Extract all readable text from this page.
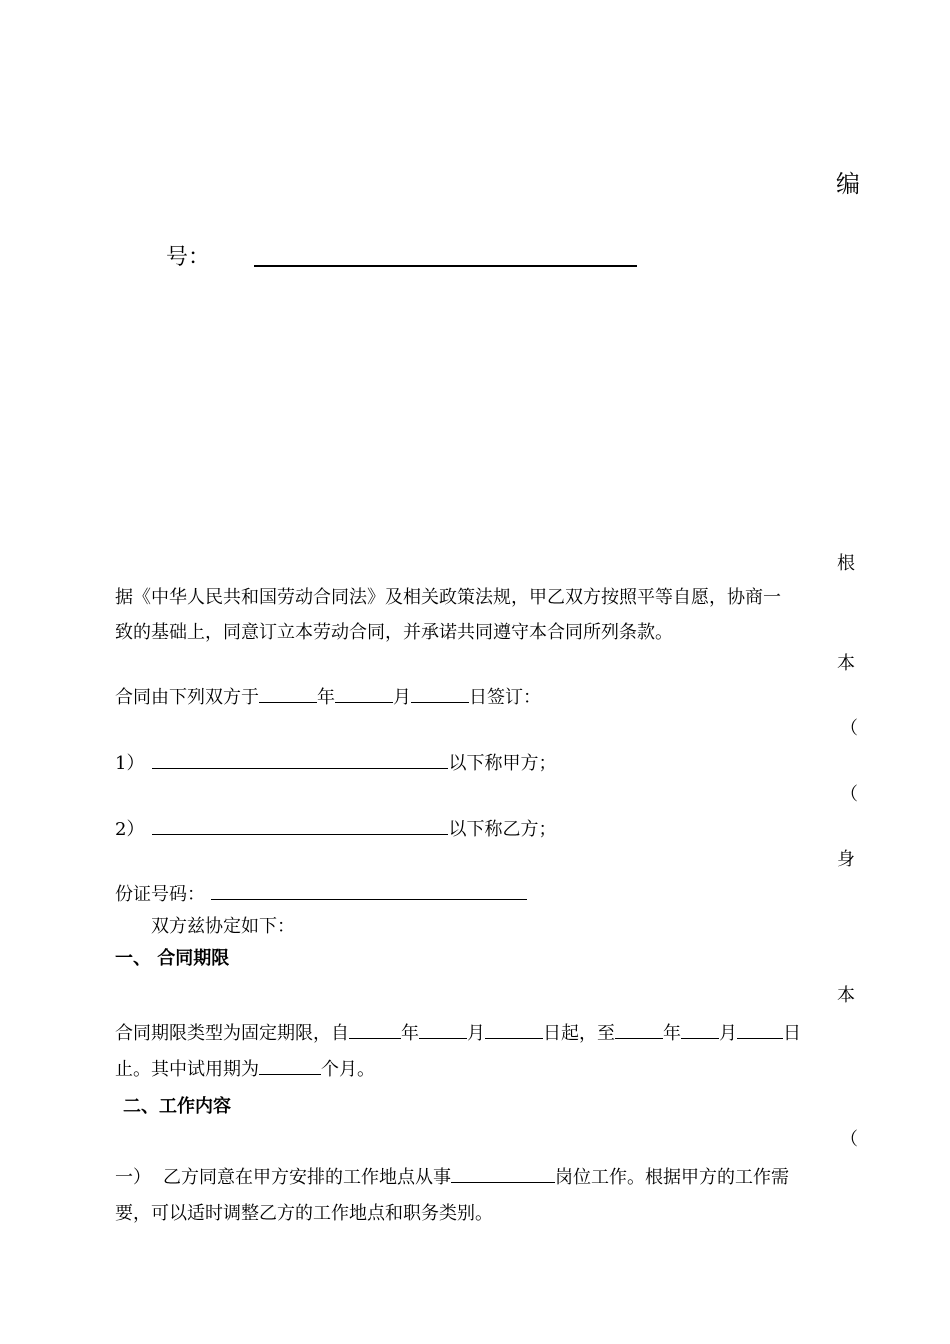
编
号：
根
据《中华人民共和国劳动合同法》及相关政策法规，甲乙双方按照平等自愿，协商一
致的基础上，同意订立本劳动合同，并承诺共同遵守本合同所列条款。
本
合同由下列双方于	年	月	日签订：
（
1）	以下称甲方；
（
2）	以下称乙方；
身
份证号码：
双方兹协定如下：
一、 合同期限
本
合同期限类型为固定期限，自	年	月	日起，至	年 月	日
止。其中试用期为	个月。
二、工作内容
（
一） 乙方同意在甲方安排的工作地点从事	岗位工作。根据甲方的工作需
要，可以适时调整乙方的工作地点和职务类别。
